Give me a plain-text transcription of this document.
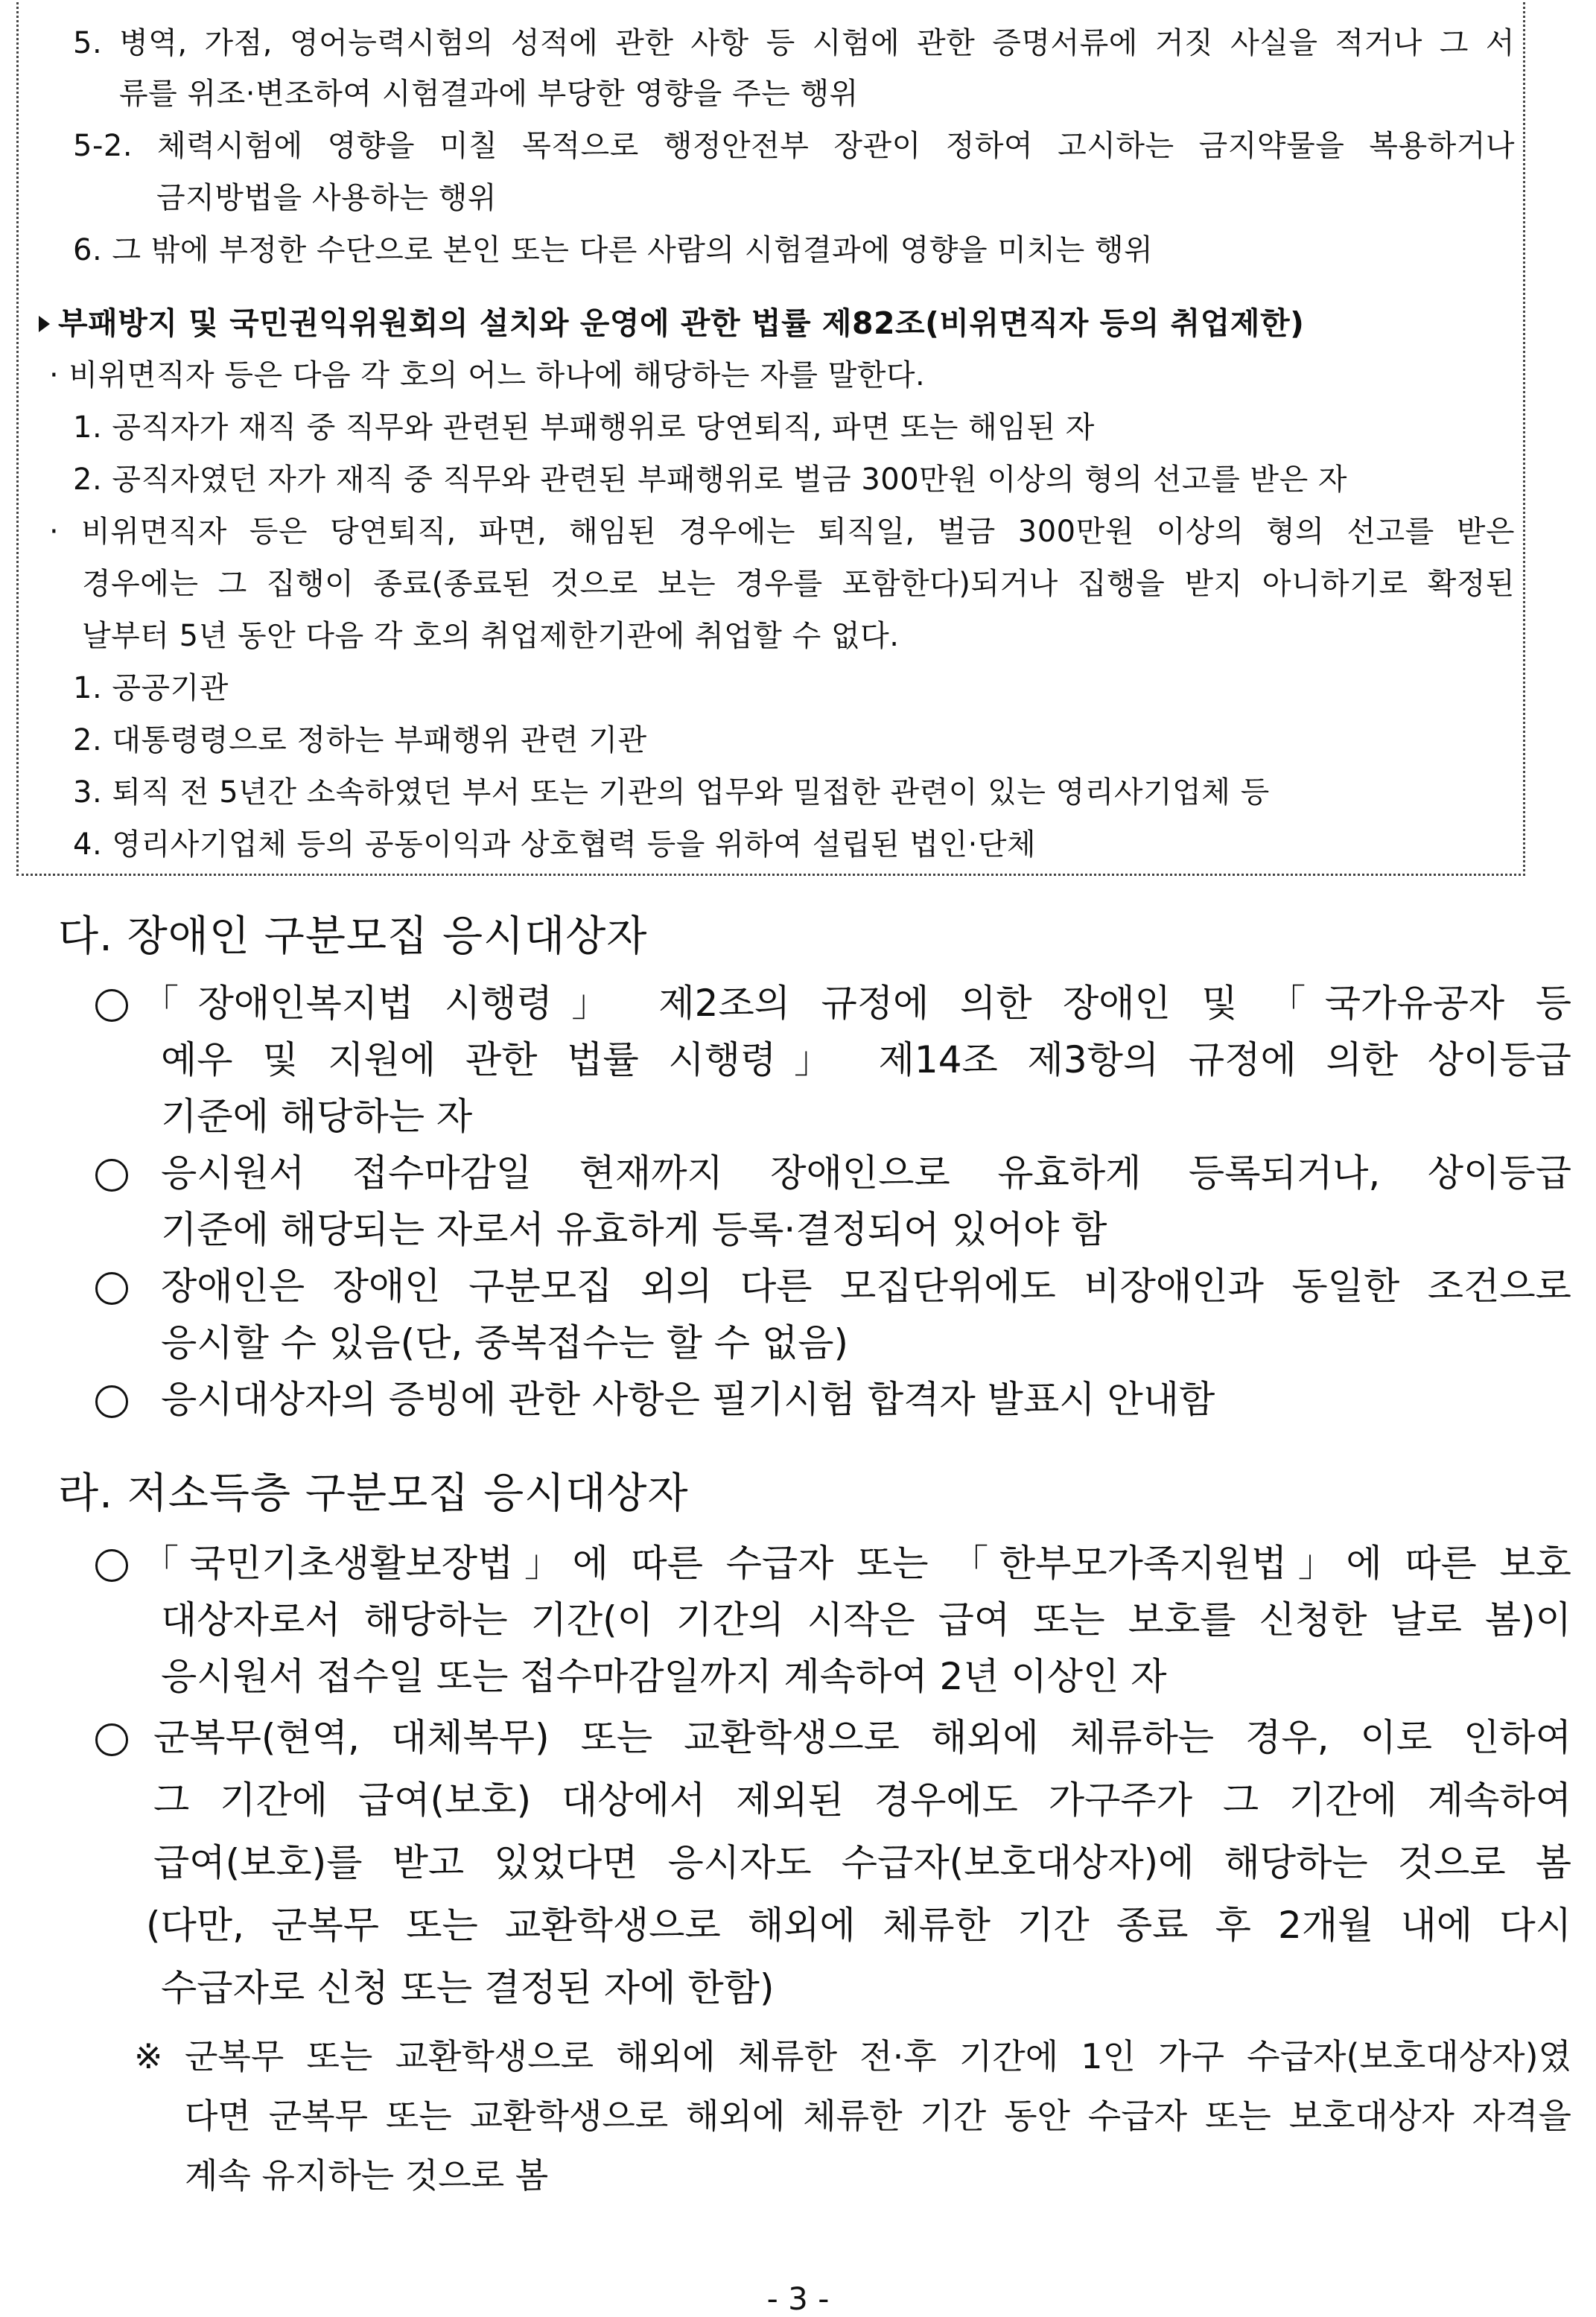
5. 병역, 가점, 영어능력시험의 성적에 관한 사항 등 시험에 관한 증명서류에 거짓 사실을 적거나 그 서
류를 위조·변조하여 시험결과에 부당한 영향을 주는 행위
5-2. 체력시험에 영향을 미칠 목적으로 행정안전부 장관이 정하여 고시하는 금지약물을 복용하거나
금지방법을 사용하는 행위
6. 그 밖에 부정한 수단으로 본인 또는 다른 사람의 시험결과에 영향을 미치는 행위
부패방지 및 국민권익위원회의 설치와 운영에 관한 법률 제82조(비위면직자 등의 취업제한)
· 비위면직자 등은 다음 각 호의 어느 하나에 해당하는 자를 말한다.
1. 공직자가 재직 중 직무와 관련된 부패행위로 당연퇴직, 파면 또는 해임된 자
2. 공직자였던 자가 재직 중 직무와 관련된 부패행위로 벌금 300만원 이상의 형의 선고를 받은 자
· 비위면직자 등은 당연퇴직, 파면, 해임된 경우에는 퇴직일, 벌금 300만원 이상의 형의 선고를 받은
경우에는 그 집행이 종료(종료된 것으로 보는 경우를 포함한다)되거나 집행을 받지 아니하기로 확정된
날부터 5년 동안 다음 각 호의 취업제한기관에 취업할 수 없다.
1. 공공기관
2. 대통령령으로 정하는 부패행위 관련 기관
3. 퇴직 전 5년간 소속하였던 부서 또는 기관의 업무와 밀접한 관련이 있는 영리사기업체 등
4. 영리사기업체 등의 공동이익과 상호협력 등을 위하여 설립된 법인·단체
다. 장애인 구분모집 응시대상자
「장애인복지법 시행령」 제2조의 규정에 의한 장애인 및 「국가유공자 등
예우 및 지원에 관한 법률 시행령」 제14조 제3항의 규정에 의한 상이등급
기준에 해당하는 자
응시원서 접수마감일 현재까지 장애인으로 유효하게 등록되거나, 상이등급
기준에 해당되는 자로서 유효하게 등록·결정되어 있어야 함
장애인은 장애인 구분모집 외의 다른 모집단위에도 비장애인과 동일한 조건으로
응시할 수 있음(단, 중복접수는 할 수 없음)
응시대상자의 증빙에 관한 사항은 필기시험 합격자 발표시 안내함
라. 저소득층 구분모집 응시대상자
「국민기초생활보장법」에 따른 수급자 또는 「한부모가족지원법」에 따른 보호
대상자로서 해당하는 기간(이 기간의 시작은 급여 또는 보호를 신청한 날로 봄)이
응시원서 접수일 또는 접수마감일까지 계속하여 2년 이상인 자
군복무(현역, 대체복무) 또는 교환학생으로 해외에 체류하는 경우, 이로 인하여
그 기간에 급여(보호) 대상에서 제외된 경우에도 가구주가 그 기간에 계속하여
급여(보호)를 받고 있었다면 응시자도 수급자(보호대상자)에 해당하는 것으로 봄
(다만, 군복무 또는 교환학생으로 해외에 체류한 기간 종료 후 2개월 내에 다시
수급자로 신청 또는 결정된 자에 한함)
※ 군복무 또는 교환학생으로 해외에 체류한 전·후 기간에 1인 가구 수급자(보호대상자)였
다면 군복무 또는 교환학생으로 해외에 체류한 기간 동안 수급자 또는 보호대상자 자격을
계속 유지하는 것으로 봄
- 3 -
